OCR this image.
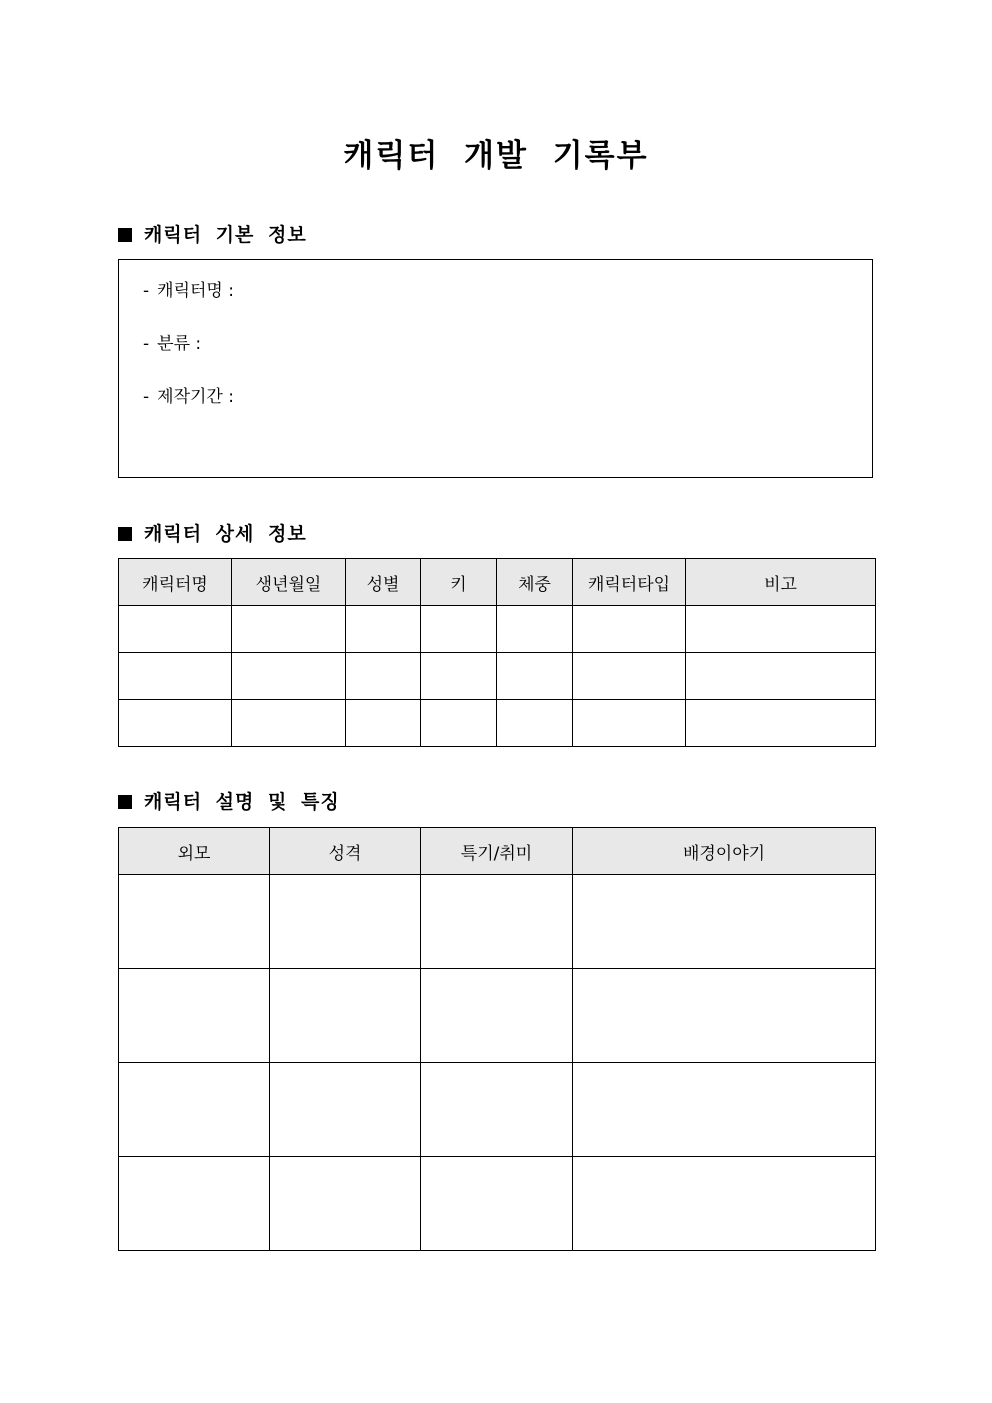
캐릭터 개발 기록부
캐릭터 기본 정보
- 캐릭터명 :
- 분류 :
- 제작기간 :
캐릭터 상세 정보
캐릭터명	생년월일	성별	키	체중	캐릭터타입	비고

캐릭터 설명 및 특징
외모	성격	특기/취미	배경이야기
